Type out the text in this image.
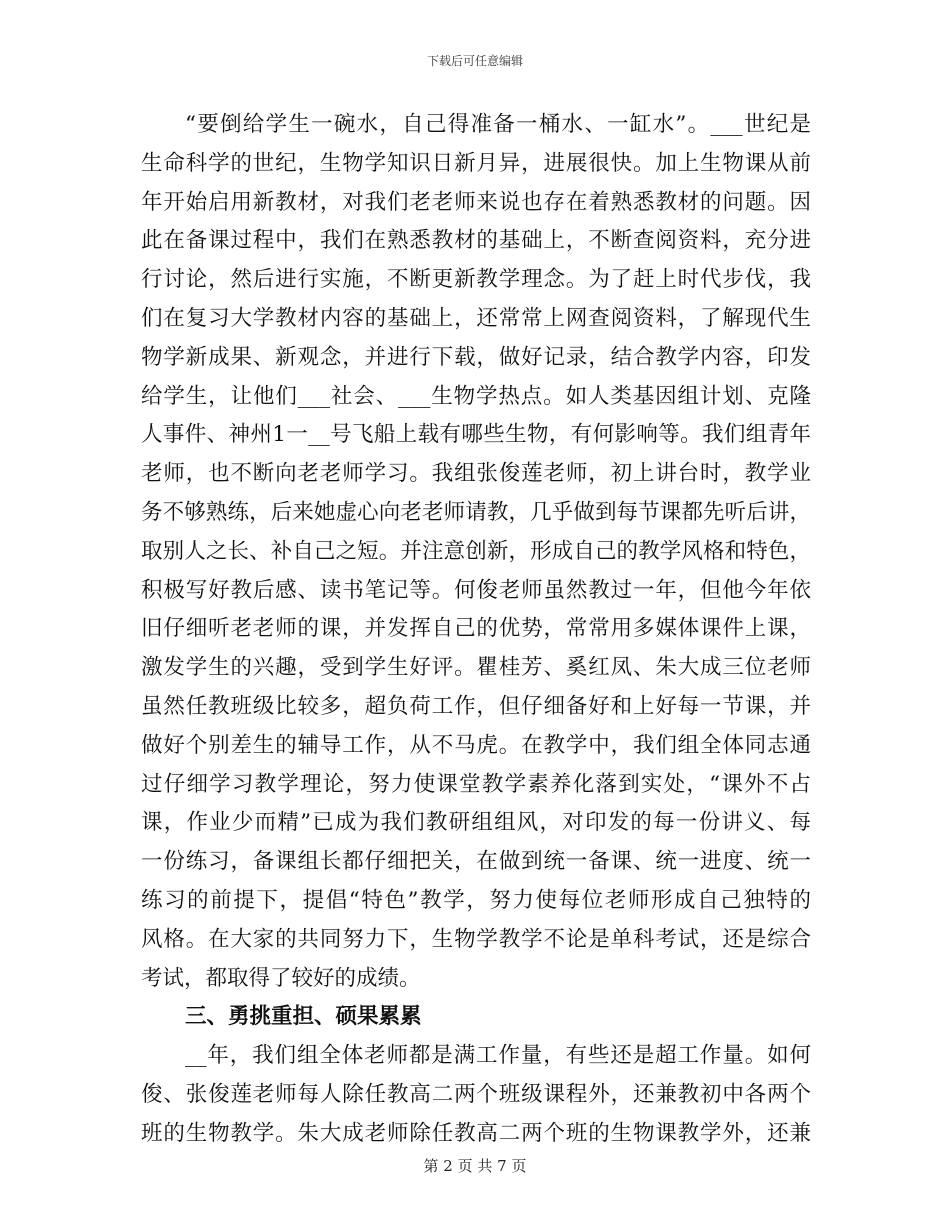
下载后可任意编辑
“要倒给学生一碗水，自己得准备一桶水、一缸水”。___世纪是
生命科学的世纪，生物学知识日新月异，进展很快。加上生物课从前
年开始启用新教材，对我们老老师来说也存在着熟悉教材的问题。因
此在备课过程中，我们在熟悉教材的基础上，不断查阅资料，充分进
行讨论，然后进行实施，不断更新教学理念。为了赶上时代步伐，我
们在复习大学教材内容的基础上，还常常上网查阅资料，了解现代生
物学新成果、新观念，并进行下载，做好记录，结合教学内容，印发
给学生，让他们___社会、___生物学热点。如人类基因组计划、克隆
人事件、神州1一__号飞船上载有哪些生物，有何影响等。我们组青年
老师，也不断向老老师学习。我组张俊莲老师，初上讲台时，教学业
务不够熟练，后来她虚心向老老师请教，几乎做到每节课都先听后讲，
取别人之长、补自己之短。并注意创新，形成自己的教学风格和特色，
积极写好教后感、读书笔记等。何俊老师虽然教过一年，但他今年依
旧仔细听老老师的课，并发挥自己的优势，常常用多媒体课件上课，
激发学生的兴趣，受到学生好评。瞿桂芳、奚红凤、朱大成三位老师
虽然任教班级比较多，超负荷工作，但仔细备好和上好每一节课，并
做好个别差生的辅导工作，从不马虎。在教学中，我们组全体同志通
过仔细学习教学理论，努力使课堂教学素养化落到实处，“课外不占
课，作业少而精”已成为我们教研组组风，对印发的每一份讲义、每
一份练习，备课组长都仔细把关，在做到统一备课、统一进度、统一
练习的前提下，提倡“特色”教学，努力使每位老师形成自己独特的
风格。在大家的共同努力下，生物学教学不论是单科考试，还是综合
考试，都取得了较好的成绩。
三、勇挑重担、硕果累累
__年，我们组全体老师都是满工作量，有些还是超工作量。如何
俊、张俊莲老师每人除任教高二两个班级课程外，还兼教初中各两个
班的生物教学。朱大成老师除任教高二两个班的生物课教学外，还兼
第 2 页 共 7 页
